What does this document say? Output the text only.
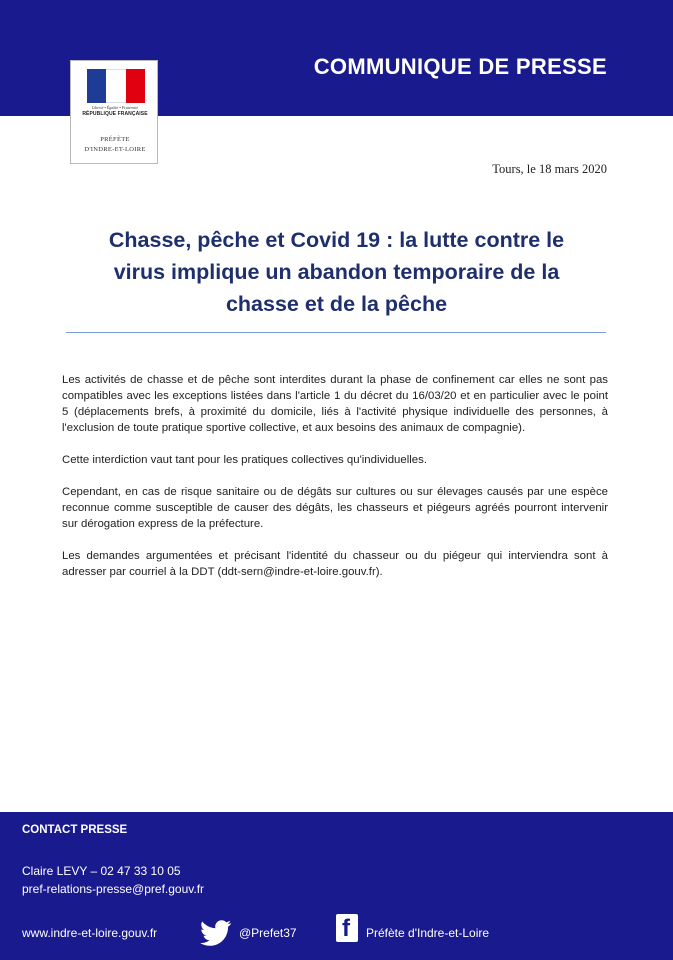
COMMUNIQUE DE PRESSE
Liberté • Égalité • Fraternité
RÉPUBLIQUE FRANÇAISE
PRÉFÈTE
D'INDRE-ET-LOIRE
Tours, le 18 mars 2020
Chasse, pêche et Covid 19 : la lutte contre le
virus implique un abandon temporaire de la
chasse et de la pêche

Les activités de chasse et de pêche sont interdites durant la phase de confinement car elles ne sont pas compatibles avec les exceptions listées dans l'article 1 du décret du 16/03/20 et en particulier avec le point 5 (déplacements brefs, à proximité du domicile, liés à l'activité physique individuelle des personnes, à l'exclusion de toute pratique sportive collective, et aux besoins des animaux de compagnie).

Cette interdiction vaut tant pour les pratiques collectives qu'individuelles.

Cependant, en cas de risque sanitaire ou de dégâts sur cultures ou sur élevages causés par une espèce reconnue comme susceptible de causer des dégâts, les chasseurs et piégeurs agréés pourront intervenir sur dérogation express de la préfecture.

Les demandes argumentées et précisant l'identité du chasseur ou du piégeur qui interviendra sont à adresser par courriel à la DDT (ddt-sern@indre-et-loire.gouv.fr).

CONTACT PRESSE
Claire LEVY – 02 47 33 10 05
pref-relations-presse@pref.gouv.fr
www.indre-et-loire.gouv.fr	@Prefet37 f Préfète d'Indre-et-Loire
